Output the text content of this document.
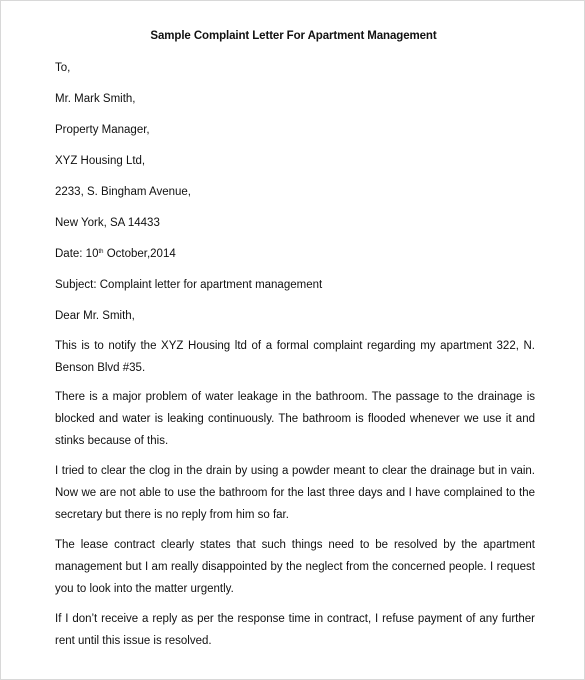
Sample Complaint Letter For Apartment Management
To,
Mr. Mark Smith,
Property Manager,
XYZ Housing Ltd,
2233, S. Bingham Avenue,
New York, SA 14433
Date: 10th October,2014
Subject: Complaint letter for apartment management
Dear Mr. Smith,
This is to notify the XYZ Housing ltd of a formal complaint regarding my apartment 322, N. Benson Blvd #35.
There is a major problem of water leakage in the bathroom. The passage to the drainage is blocked and water is leaking continuously. The bathroom is flooded whenever we use it and stinks because of this.
I tried to clear the clog in the drain by using a powder meant to clear the drainage but in vain. Now we are not able to use the bathroom for the last three days and I have complained to the secretary but there is no reply from him so far.
The lease contract clearly states that such things need to be resolved by the apartment management but I am really disappointed by the neglect from the concerned people. I request you to look into the matter urgently.
If I don’t receive a reply as per the response time in contract, I refuse payment of any further rent until this issue is resolved.
